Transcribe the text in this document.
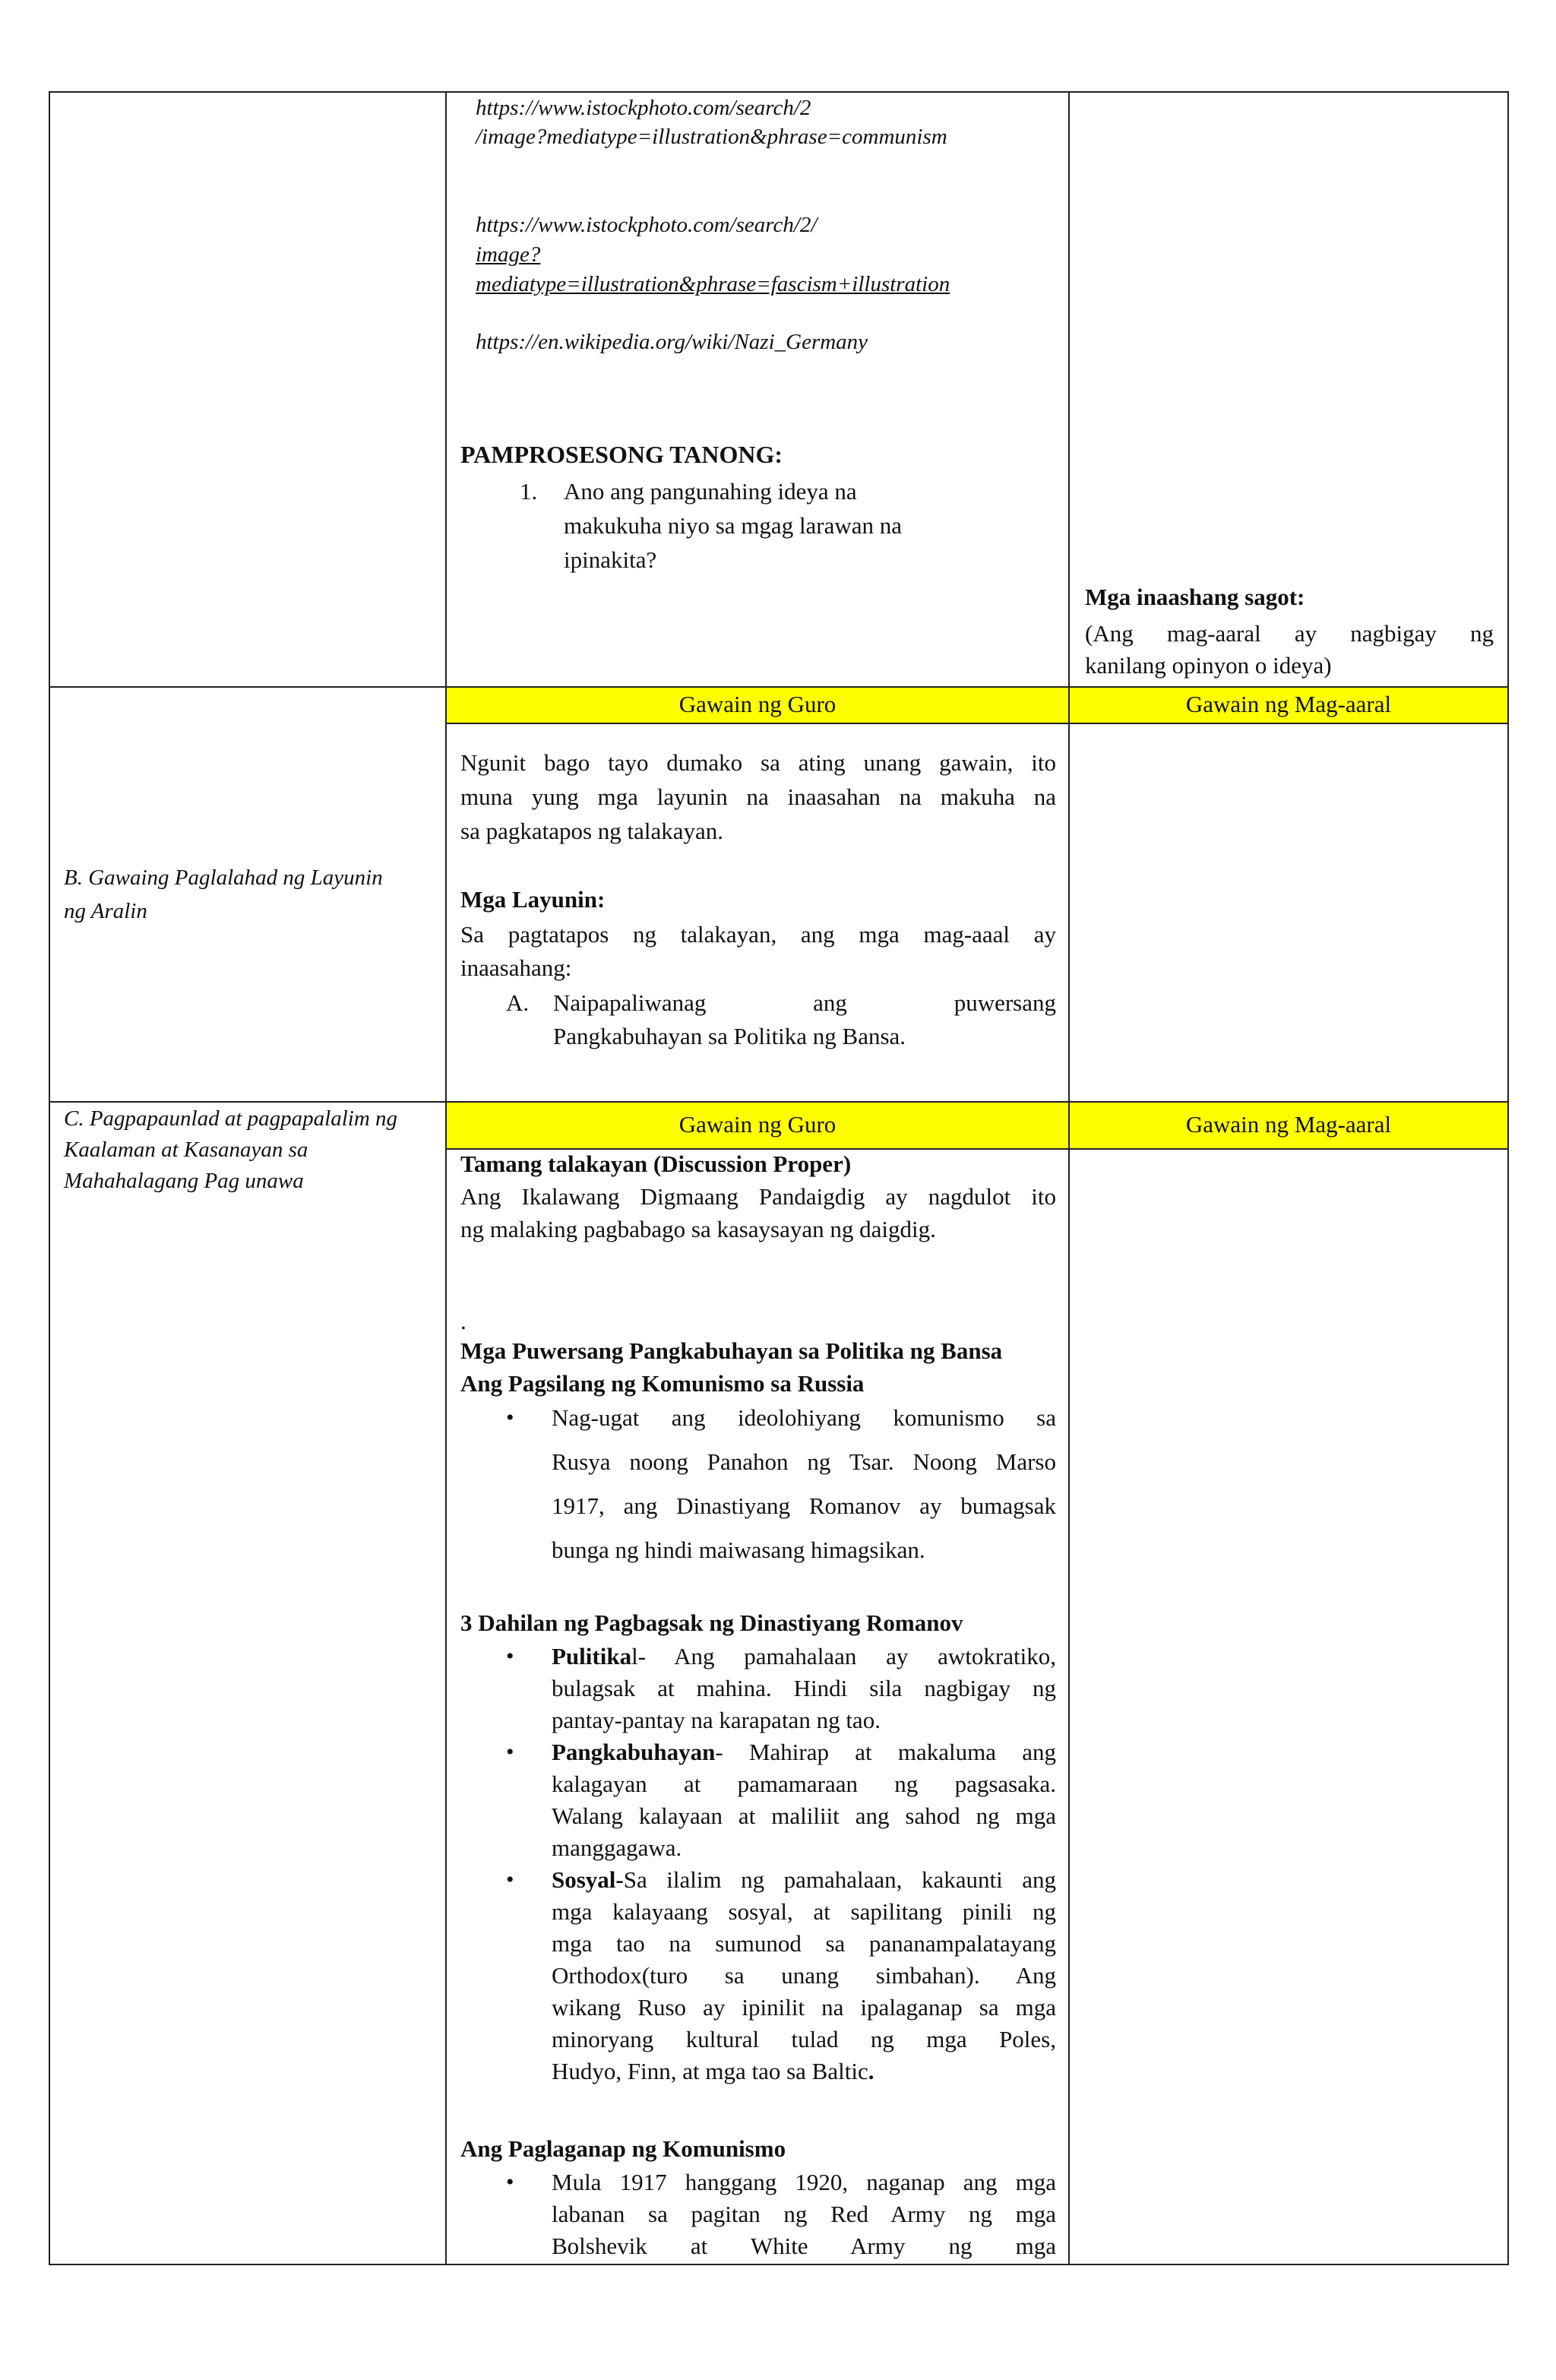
https://www.istockphoto.com/search/2
/image?mediatype=illustration&phrase=communism
https://www.istockphoto.com/search/2/
image?
mediatype=illustration&phrase=fascism+illustration
https://en.wikipedia.org/wiki/Nazi_Germany
PAMPROSESONG TANONG:
1. Ano ang pangunahing ideya na
makukuha niyo sa mgag larawan na
ipinakita?
Mga inaashang sagot:
(Ang mag-aaral ay nagbigay ng
kanilang opinyon o ideya)
Gawain ng Guro	Gawain ng Mag-aaral
B. Gawaing Paglalahad ng Layunin
ng Aralin
Ngunit bago tayo dumako sa ating unang gawain, ito
muna yung mga layunin na inaasahan na makuha na
sa pagkatapos ng talakayan.
Mga Layunin:
Sa pagtatapos ng talakayan, ang mga mag-aaal ay
inaasahang:
A. Naipapaliwanag ang puwersang
Pangkabuhayan sa Politika ng Bansa.
Gawain ng Guro	Gawain ng Mag-aaral
C. Pagpapaunlad at pagpapalalim ng
Kaalaman at Kasanayan sa
Mahahalagang Pag unawa
Tamang talakayan (Discussion Proper)
Ang Ikalawang Digmaang Pandaigdig ay nagdulot ito
ng malaking pagbabago sa kasaysayan ng daigdig.
.
Mga Puwersang Pangkabuhayan sa Politika ng Bansa
Ang Pagsilang ng Komunismo sa Russia
• Nag-ugat ang ideolohiyang komunismo sa
Rusya noong Panahon ng Tsar. Noong Marso
1917, ang Dinastiyang Romanov ay bumagsak
bunga ng hindi maiwasang himagsikan.
3 Dahilan ng Pagbagsak ng Dinastiyang Romanov
• Pulitika l- Ang pamahalaan ay awtokratiko,
bulagsak at mahina. Hindi sila nagbigay ng
pantay-pantay na karapatan ng tao.
• Pangkabuhayan - Mahirap at makaluma ang
kalagayan at pamamaraan ng pagsasaka.
Walang kalayaan at maliliit ang sahod ng mga
manggagawa.
• Sosyal- Sa ilalim ng pamahalaan, kakaunti ang
mga kalayaang sosyal, at sapilitang pinili ng
mga tao na sumunod sa pananampalatayang
Orthodox(turo sa unang simbahan). Ang
wikang Ruso ay ipinilit na ipalaganap sa mga
minoryang kultural tulad ng mga Poles,
Hudyo, Finn, at mga tao sa Baltic.
Ang Paglaganap ng Komunismo
• Mula 1917 hanggang 1920, naganap ang mga
labanan sa pagitan ng Red Army ng mga
Bolshevik at White Army ng mga
